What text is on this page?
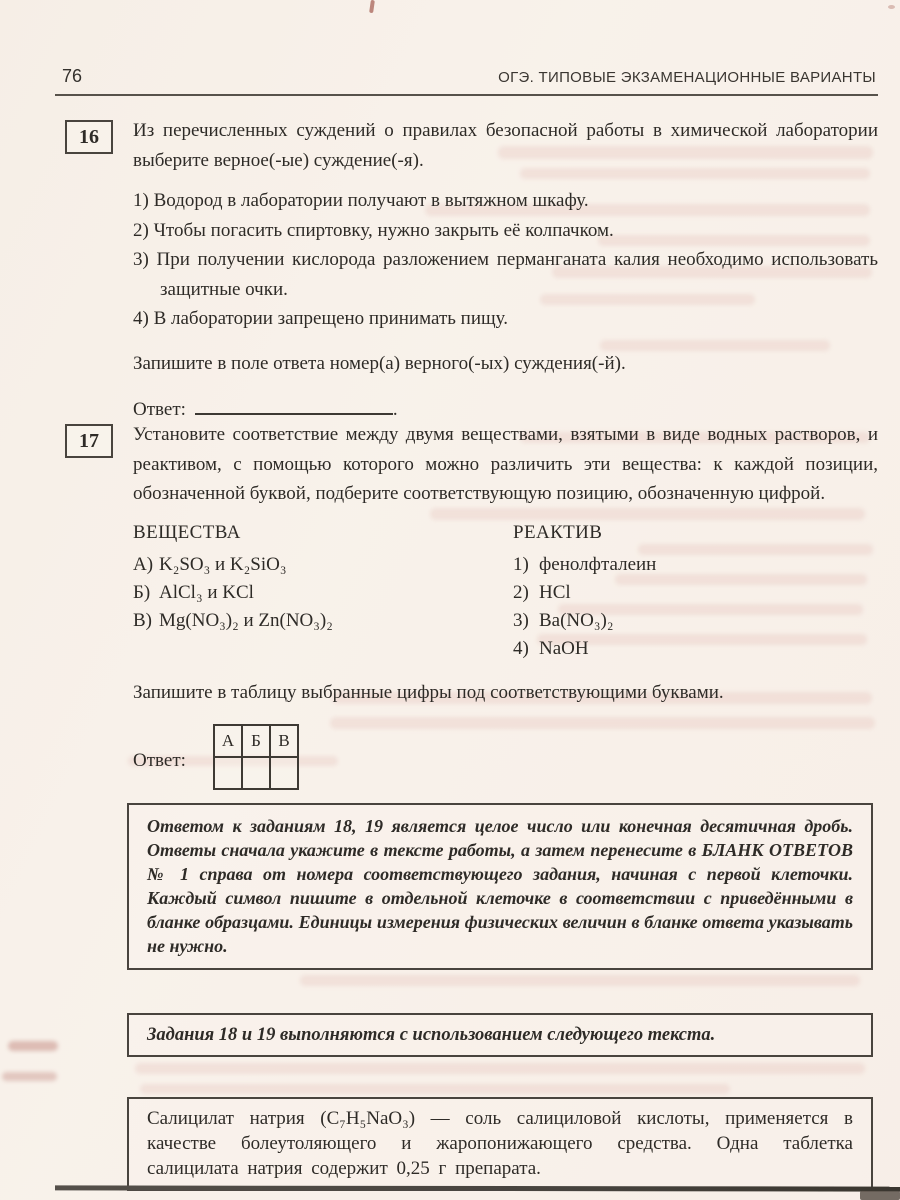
76	ОГЭ. ТИПОВЫЕ ЭКЗАМЕНАЦИОННЫЕ ВАРИАНТЫ
16	Из перечисленных суждений о правилах безопасной работы в химической лаборатории выберите верное(-ые) суждение(-я).

1) Водород в лаборатории получают в вытяжном шкафу.
2) Чтобы погасить спиртовку, нужно закрыть её колпачком.
3) При получении кислорода разложением перманганата калия необходимо использовать защитные очки.
4) В лаборатории запрещено принимать пищу.

Запишите в поле ответа номер(а) верного(-ых) суждения(-й).

Ответ:	.

17	Установите соответствие между двумя веществами, взятыми в виде водных растворов, и реактивом, с помощью которого можно различить эти вещества: к каждой позиции, обозначенной буквой, подберите соответствующую позицию, обозначенную цифрой.

ВЕЩЕСТВА

А) K₂SO₃ и K₂SiO₃

Б) AlCl₃ и KCl

В) Mg(NO₃)₂ и Zn(NO₃)₂

РЕАКТИВ

1) фенолфталеин

2) HCl

3) Ba(NO₃)₂

4) NaOH

Запишите в таблицу выбранные цифры под соответствующими буквами.

Ответ:
А	Б	В

Ответом к заданиям 18, 19 является целое число или конечная десятичная дробь. Ответы сначала укажите в тексте работы, а затем перенесите в БЛАНК ОТВЕТОВ № 1 справа от номера соответствующего задания, начиная с первой клеточки. Каждый символ пишите в отдельной клеточке в соответствии с приведёнными в бланке образцами. Единицы измерения физических величин в бланке ответа указывать не нужно.

Задания 18 и 19 выполняются с использованием следующего текста.

Салицилат натрия (C₇H₅NaO₃) — соль салициловой кислоты, применяется в качестве болеутоляющего и жаропонижающего средства. Одна таблетка салицилата натрия содержит 0,25 г препарата.
